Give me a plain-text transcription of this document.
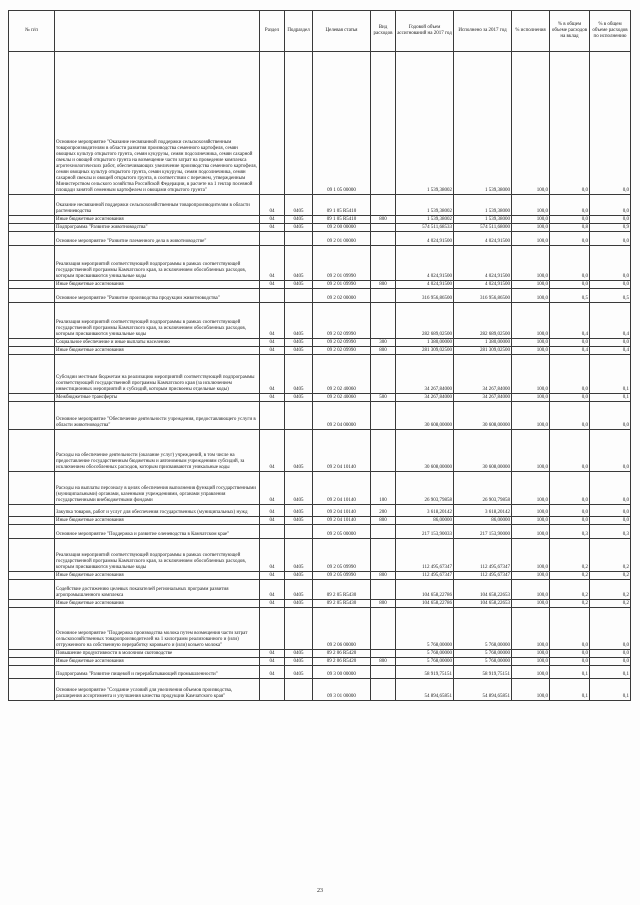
№ п/п		Раздел	Подраздел	Целевая статья	Вид расходов	Годовой объем ассигнований на 2017 год	Исполнено за 2017 год	% исполнения	% в общем объеме расходов на вклад	% в общем объеме расходов по исполнению
	Основное мероприятие "Оказание несвязанной поддержки сельскохозяйственным товаропроизводителям в области развития производства семенного картофеля, семян овощных культур открытого грунта, семян кукурузы, семян подсолнечника, семян сахарной свеклы и овощей открытого грунта на возмещение части затрат на проведение комплекса агротехнологических работ, обеспечивающих увеличение производства семенного картофеля, семян овощных культур открытого грунта, семян кукурузы, семян подсолнечника, семян сахарной свеклы и овощей открытого грунта, в соответствии с перечнем, утвержденным Министерством сельского хозяйства Российской Федерации, в расчете на 1 гектар посевной площади занятой семенным картофелем и овощами открытого грунта"			09 1 05 00000		1 539,38002	1 539,38000	100,0	0,0	0,0
	Оказание несвязанной поддержки сельскохозяйственным товаропроизводителям в области растениеводства	04	0405	09 1 05 R5410		1 539,38002	1 539,38000	100,0	0,0	0,0
	Иные бюджетные ассигнования	04	0405	09 1 05 R5410	800	1 539,38002	1 539,38000	100,0	0,0	0,0
	Подпрограмма "Развитие животноводства"	04	0405	09 2 00 00000		574 511,68533	574 511,68000	100,0	0,8	0,9
	Основное мероприятие "Развитие племенного дела в животноводстве"			09 2 01 00000		4 024,91500	4 024,91500	100,0	0,0	0,0
	Реализация мероприятий соответствующей подпрограммы в рамках соответствующей государственной программы Камчатского края, за исключением обособленных расходов, которым присваиваются уникальные коды	04	0405	09 2 01 09990		4 024,91500	4 024,91500	100,0	0,0	0,0
	Иные бюджетные ассигнования	04	0405	09 2 01 09990	800	4 024,91500	4 024,91500	100,0	0,0	0,0
	Основное мероприятие "Развитие производства продукции животноводства"			09 2 02 00000		316 956,86500	316 956,86500	100,0	0,5	0,5
	Реализация мероприятий соответствующей подпрограммы в рамках соответствующей государственной программы Камчатского края, за исключением обособленных расходов, которым присваиваются уникальные коды	04	0405	09 2 02 09990		282 689,02500	282 689,02500	100,0	0,4	0,4
	Социальное обеспечение и иные выплаты населению	04	0405	09 2 02 09990	300	1 380,00000	1 380,00000	100,0	0,0	0,0
	Иные бюджетные ассигнования	04	0405	09 2 02 09990	800	281 309,02500	281 309,02500	100,0	0,4	0,4
	Субсидии местным бюджетам на реализацию мероприятий соответствующей подпрограммы соответствующей государственной программы Камчатского края (за исключением инвестиционных мероприятий и субсидий, которым присвоены отдельные коды)	04	0405	09 2 02 40060		34 267,84000	34 267,84000	100,0	0,0	0,1
	Межбюджетные трансферты	04	0405	09 2 02 40060	500	34 267,84000	34 267,84000	100,0	0,0	0,1
	Основное мероприятие "Обеспечение деятельности учреждения, предоставляющего услуги в области животноводства"			09 2 04 00000		30 608,00000	30 608,00000	100,0	0,0	0,0
	Расходы на обеспечение деятельности (оказание услуг) учреждений, в том числе на предоставление государственным бюджетным и автономным учреждениям субсидий, за исключением обособленных расходов, которым присваиваются уникальные коды	04	0405	09 2 04 10140		30 608,00000	30 608,00000	100,0	0,0	0,0
	Расходы на выплаты персоналу в целях обеспечения выполнения функций государственными (муниципальными) органами, казенными учреждениями, органами управления государственными внебюджетными фондами	04	0405	09 2 04 10140	100	26 903,79858	26 903,79858	100,0	0,0	0,0
	Закупка товаров, работ и услуг для обеспечения государственных (муниципальных) нужд	04	0405	09 2 04 10140	200	3 618,20142	3 618,20142	100,0	0,0	0,0
	Иные бюджетные ассигнования	04	0405	09 2 04 10140	800	86,00000	86,00000	100,0	0,0	0,0
	Основное мероприятие "Поддержка и развитие оленеводства в Камчатском крае"			09 2 05 00000		217 153,90033	217 153,90000	100,0	0,3	0,3
	Реализация мероприятий соответствующей подпрограммы в рамках соответствующей государственной программы Камчатского края, за исключением обособленных расходов, которым присваиваются уникальные коды	04	0405	09 2 05 09990		112 495,67347	112 495,67347	100,0	0,2	0,2
	Иные бюджетные ассигнования	04	0405	09 2 05 09990	800	112 495,67347	112 495,67347	100,0	0,2	0,2
	Содействие достижению целевых показателей региональных программ развития агропромышленного комплекса	04	0405	09 2 05 R5430		104 658,22786	104 658,22653	100,0	0,2	0,2
	Иные бюджетные ассигнования	04	0405	09 2 05 R5430	800	104 658,22786	104 658,22653	100,0	0,2	0,2
	Основное мероприятие "Поддержка производства молока путем возмещения части затрат сельскохозяйственных товаропроизводителей на 1 килограмм реализованного и (или) отгруженного на собственную переработку коровьего и (или) козьего молока"			09 2 06 00000		5 768,00000	5 768,00000	100,0	0,0	0,0
	Повышение продуктивности в молочном скотоводстве	04	0405	09 2 06 R5420		5 768,00000	5 768,00000	100,0	0,0	0,0
	Иные бюджетные ассигнования	04	0405	09 2 06 R5420	800	5 768,00000	5 768,00000	100,0	0,0	0,0
	Подпрограмма "Развитие пищевой и перерабатывающей промышленности"	04	0405	09 3 00 00000		58 919,75151	58 919,75151	100,0	0,1	0,1
	Основное мероприятие "Создание условий для увеличения объемов производства, расширения ассортимента и улучшения качества продукции Камчатского края"			09 3 01 00000		54 894,65851	54 894,65851	100,0	0,1	0,1
23
